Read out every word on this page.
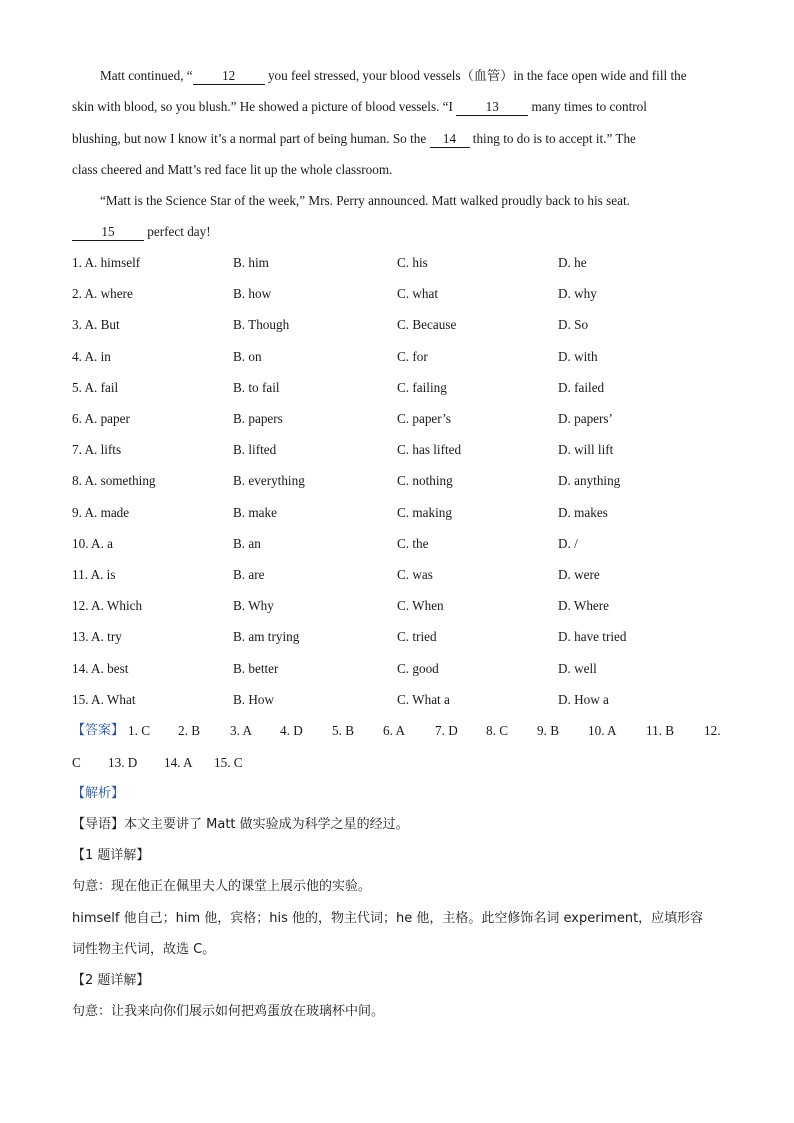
Matt continued, “ 12 you feel stressed, your blood vessels（血管）in the face open wide and fill the
skin with blood, so you blush.” He showed a picture of blood vessels. “I 13 many times to control
blushing, but now I know it’s a normal part of being human. So the 14 thing to do is to accept it.” The
class cheered and Matt’s red face lit up the whole classroom.
“Matt is the Science Star of the week,” Mrs. Perry announced. Matt walked proudly back to his seat.
15 perfect day!
1. A. himself	B. him	C. his	D. he
2. A. where	B. how	C. what	D. why
3. A. But	B. Though	C. Because	D. So
4. A. in	B. on	C. for	D. with
5. A. fail	B. to fail	C. failing	D. failed
6. A. paper	B. papers	C. paper’s	D. papers’
7. A. lifts	B. lifted	C. has lifted	D. will lift
8. A. something	B. everything	C. nothing	D. anything
9. A. made	B. make	C. making	D. makes
10. A. a	B. an	C. the	D. /
11. A. is	B. are	C. was	D. were
12. A. Which	B. Why	C. When	D. Where
13. A. try	B. am trying	C. tried	D. have tried
14. A. best	B. better	C. good	D. well
15. A. What	B. How	C. What a	D. How a
【答案】 1. C 2. B 3. A 4. D 5. B 6. A 7. D 8. C 9. B 10. A 11. B 12.
C 13. D 14. A 15. C
【解析】
【导语】本文主要讲了 Matt 做实验成为科学之星的经过。
【1 题详解】
句意：现在他正在佩里夫人的课堂上展示他的实验。
himself 他自己；him 他，宾格；his 他的，物主代词；he 他，主格。此空修饰名词 experiment，应填形容
词性物主代词，故选 C。
【2 题详解】
句意：让我来向你们展示如何把鸡蛋放在玻璃杯中间。
